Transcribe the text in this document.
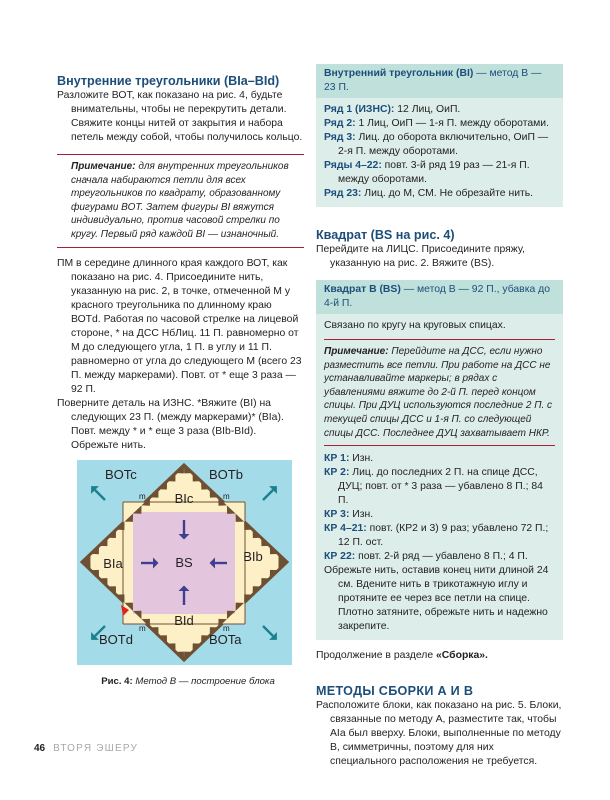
Внутренние треугольники (BIa–BId)

Разложите ВОТ, как показано на рис. 4, будьте внимательны, чтобы не перекрутить детали. Свяжите концы нитей от закрытия и набора петель между собой, чтобы получилось кольцо.

Примечание: для внутренних треугольников сначала набираются петли для всех треугольников по квадрату, образованному фигурами ВОТ. Затем фигуры BI вяжутся индивидуально, против часовой стрелки по кругу. Первый ряд каждой BI — изнаночный.

ПМ в середине длинного края каждого ВОТ, как показано на рис. 4. Присоедините нить, указанную на рис. 2, в точке, отмеченной М у красного треугольника по длинному краю ВОТd. Работая по часовой стрелке на лицевой стороне, * на ДСС НбЛиц. 11 П. равномерно от М до следующего угла, 1 П. в углу и 11 П. равномерно от угла до следующего М (всего 23 П. между маркерами). Повт. от * еще 3 раза — 92 П.

Поверните деталь на ИЗНС. *Вяжите (BI) на следующих 23 П. (между маркерами)* (BIa). Повт. между * и * еще 3 раза (BIb-BId). Обрежьте нить.

BS
BIc
BId
BIa	BIb
BOTc	BOTb
BOTd	BOTa
m	m
m	m
Рис. 4: Метод B — построение блока
Внутренний треугольник (BI) — метод B — 23 П.

Ряд 1 (ИЗНС): 12 Лиц, ОиП.

Ряд 2: 1 Лиц, ОиП — 1-я П. между оборотами.

Ряд 3: Лиц. до оборота включительно, ОиП — 2-я П. между оборотами.

Ряды 4–22: повт. 3-й ряд 19 раз — 21-я П. между оборотами.

Ряд 23: Лиц. до М, СМ. Не обрезайте нить.

Квадрат (BS на рис. 4)

Перейдите на ЛИЦС. Присоедините пряжу, указанную на рис. 2. Вяжите (BS).

Квадрат B (BS) — метод B — 92 П., убавка до 4-й П.

Связано по кругу на круговых спицах.

Примечание: Перейдите на ДСС, если нужно разместить все петли. При работе на ДСС не устанавливайте маркеры; в рядах с убавлениями вяжите до 2-й П. перед концом спицы. При ДУЦ используются последние 2 П. с текущей спицы ДСС и 1-я П. со следующей спицы ДСС. Последнее ДУЦ захватывает НКР.

КР 1: Изн.

КР 2: Лиц. до последних 2 П. на спице ДСС, ДУЦ; повт. от * 3 раза — убавлено 8 П.; 84 П.

КР 3: Изн.

КР 4–21: повт. (КР2 и 3) 9 раз; убавлено 72 П.; 12 П. ост.

КР 22: повт. 2-й ряд — убавлено 8 П.; 4 П.

Обрежьте нить, оставив конец нити длиной 24 см. Вдените нить в трикотажную иглу и протяните ее через все петли на спице. Плотно затяните, обрежьте нить и надежно закрепите.

Продолжение в разделе «Сборка».

МЕТОДЫ СБОРКИ А И В

Расположите блоки, как показано на рис. 5. Блоки, связанные по методу А, разместите так, чтобы AIa был вверху. Блоки, выполненные по методу В, симметричны, поэтому для них специального расположения не требуется.

46 ВТОРЯ ЭШЕРУ
